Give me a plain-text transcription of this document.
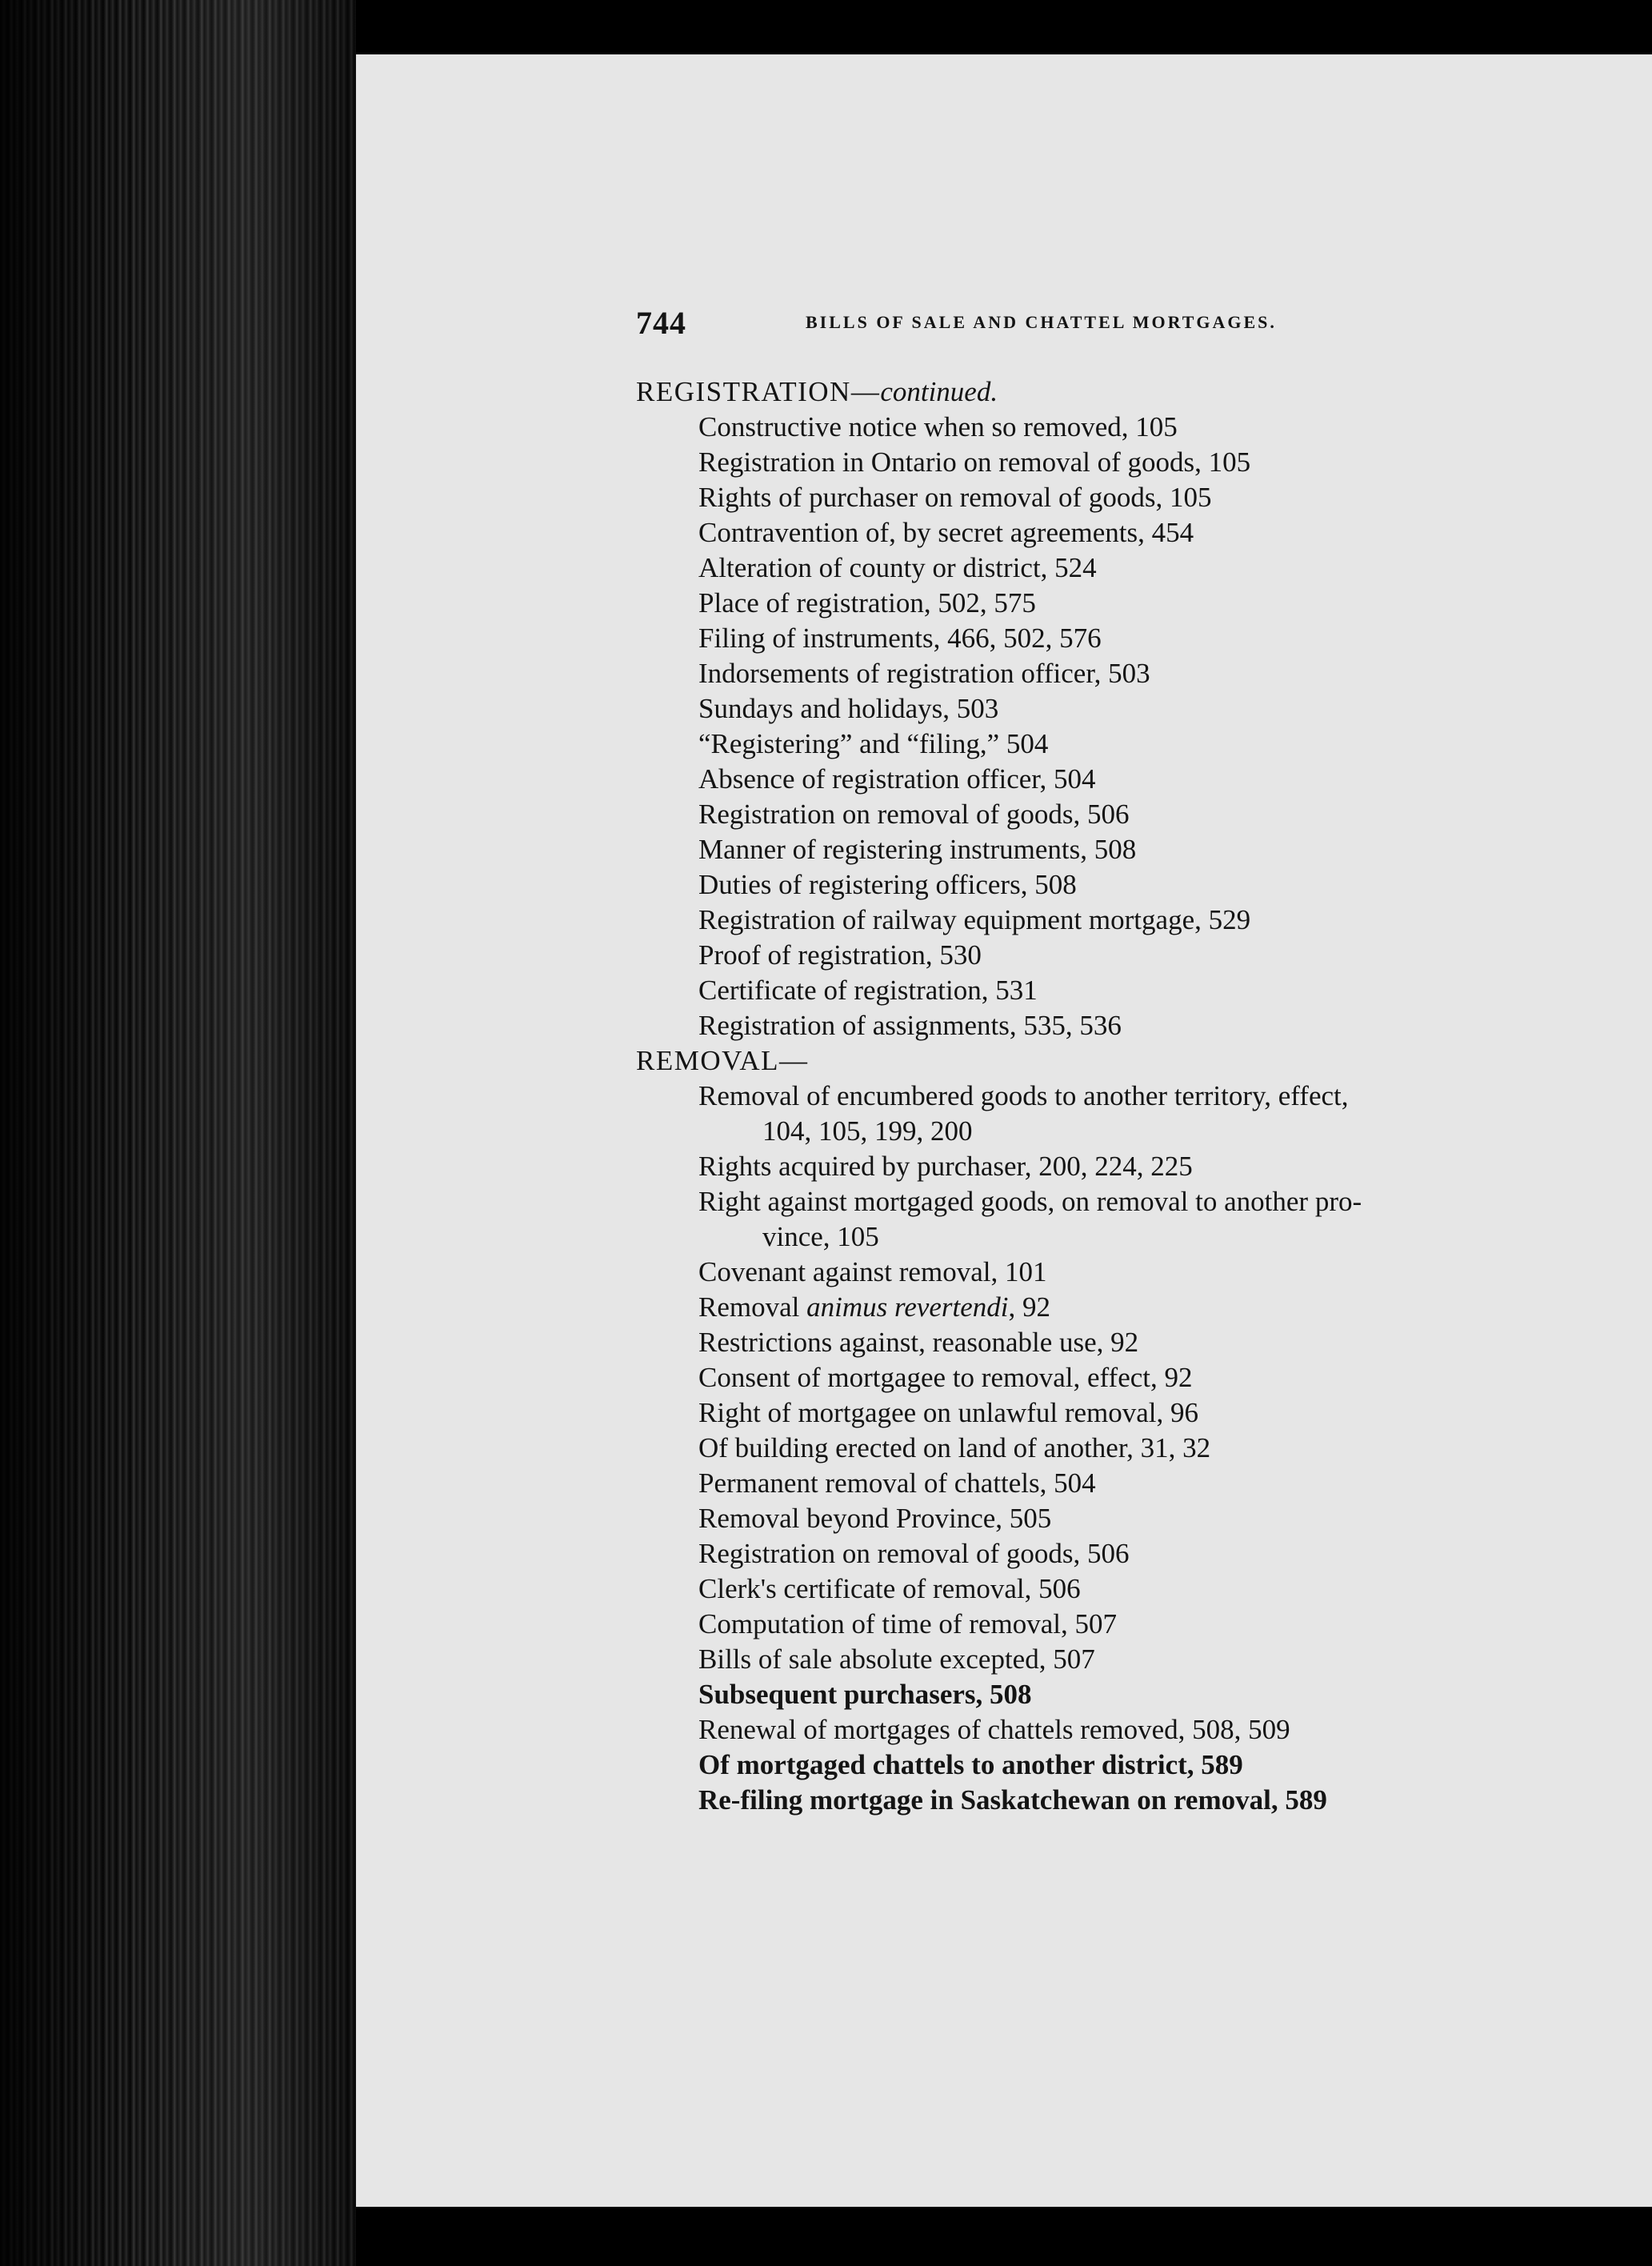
744	BILLS OF SALE AND CHATTEL MORTGAGES.

REGISTRATION—continued.

Constructive notice when so removed, 105

Registration in Ontario on removal of goods, 105

Rights of purchaser on removal of goods, 105

Contravention of, by secret agreements, 454

Alteration of county or district, 524

Place of registration, 502, 575

Filing of instruments, 466, 502, 576

Indorsements of registration officer, 503

Sundays and holidays, 503

“Registering” and “filing,” 504

Absence of registration officer, 504

Registration on removal of goods, 506

Manner of registering instruments, 508

Duties of registering officers, 508

Registration of railway equipment mortgage, 529

Proof of registration, 530

Certificate of registration, 531

Registration of assignments, 535, 536

REMOVAL—

Removal of encumbered goods to another territory, effect,
104, 105, 199, 200

Rights acquired by purchaser, 200, 224, 225

Right against mortgaged goods, on removal to another pro-
vince, 105

Covenant against removal, 101

Removal animus revertendi, 92

Restrictions against, reasonable use, 92

Consent of mortgagee to removal, effect, 92

Right of mortgagee on unlawful removal, 96

Of building erected on land of another, 31, 32

Permanent removal of chattels, 504

Removal beyond Province, 505

Registration on removal of goods, 506

Clerk's certificate of removal, 506

Computation of time of removal, 507

Bills of sale absolute excepted, 507

Subsequent purchasers, 508

Renewal of mortgages of chattels removed, 508, 509

Of mortgaged chattels to another district, 589

Re-filing mortgage in Saskatchewan on removal, 589
